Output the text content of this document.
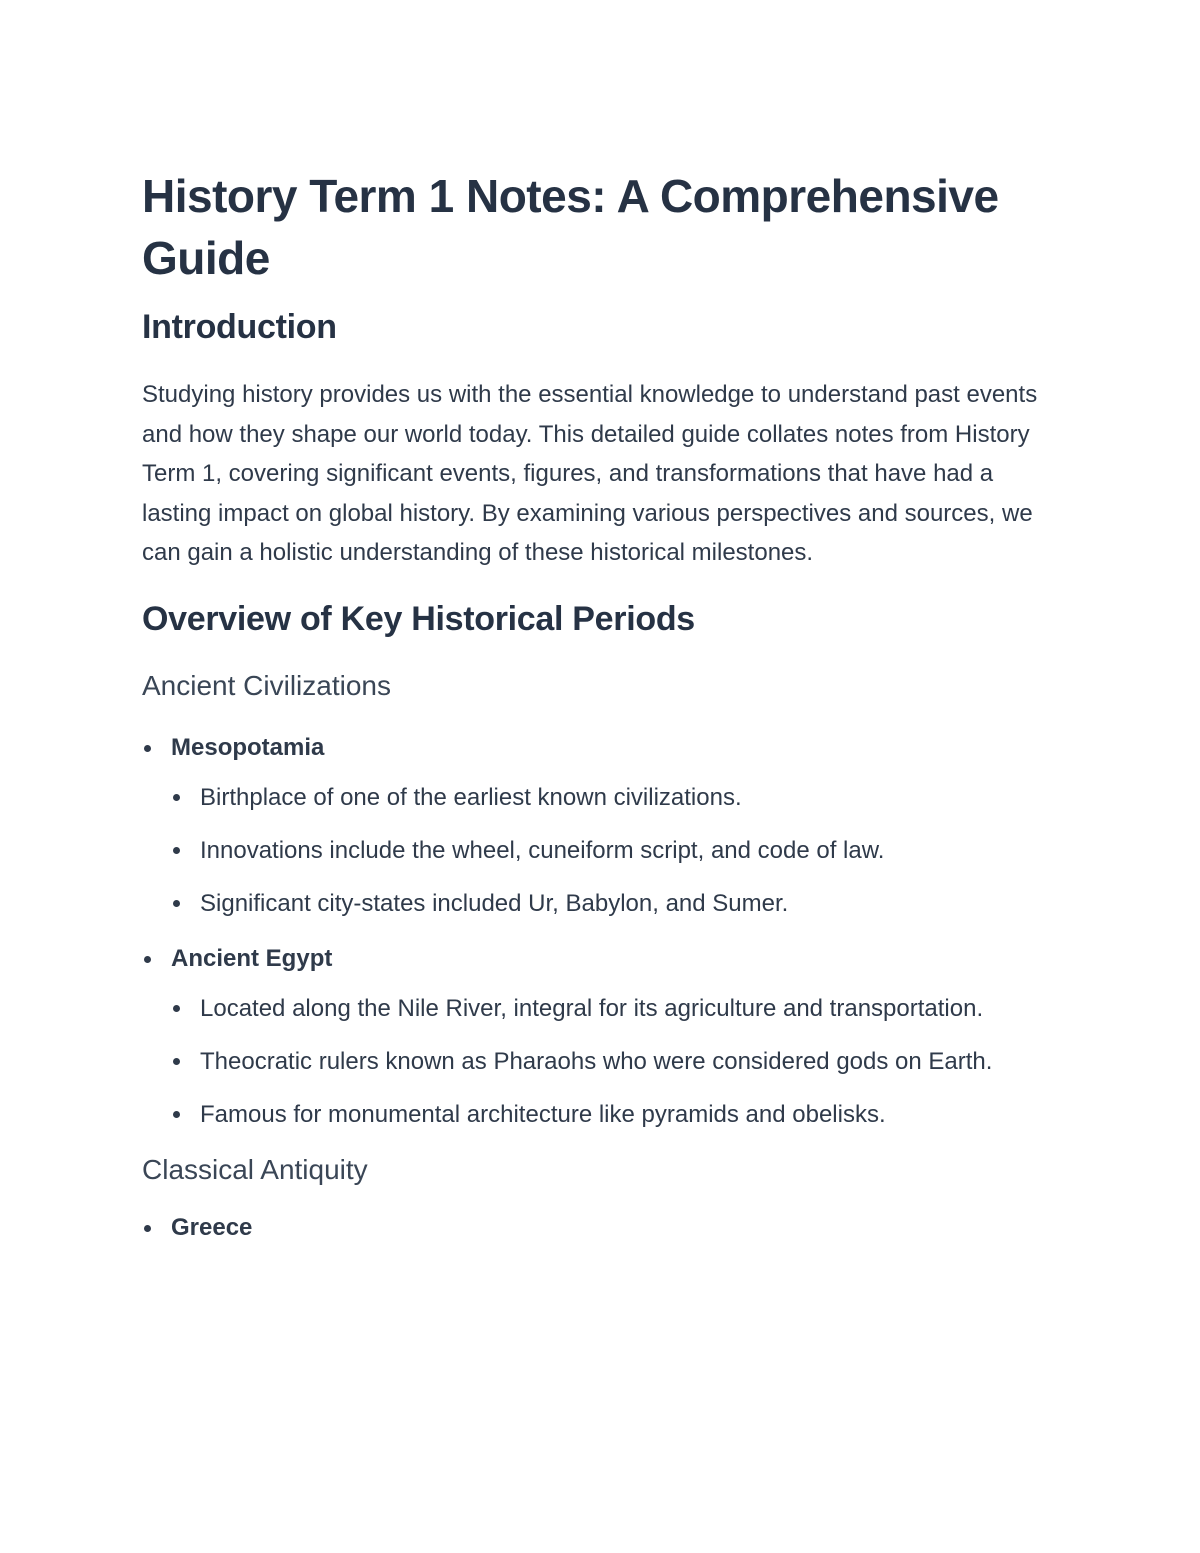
History Term 1 Notes: A Comprehensive Guide
Introduction

Studying history provides us with the essential knowledge to understand past events and how they shape our world today. This detailed guide collates notes from History Term 1, covering significant events, figures, and transformations that have had a lasting impact on global history. By examining various perspectives and sources, we can gain a holistic understanding of these historical milestones.

Overview of Key Historical Periods
Ancient Civilizations
Mesopotamia
Birthplace of one of the earliest known civilizations.
Innovations include the wheel, cuneiform script, and code of law.
Significant city-states included Ur, Babylon, and Sumer.
Ancient Egypt
Located along the Nile River, integral for its agriculture and transportation.
Theocratic rulers known as Pharaohs who were considered gods on Earth.
Famous for monumental architecture like pyramids and obelisks.
Classical Antiquity
Greece
